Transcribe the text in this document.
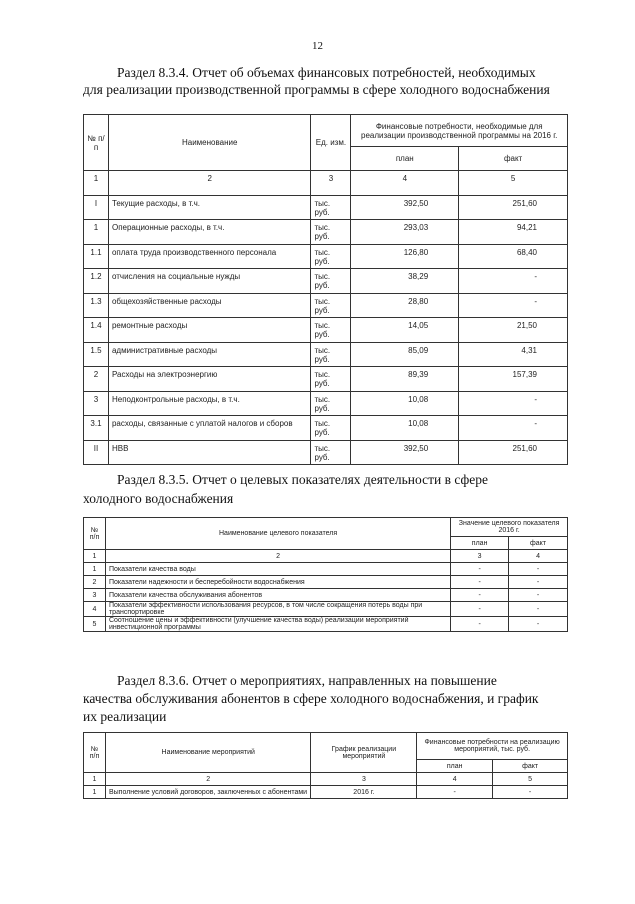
12
Раздел 8.3.4. Отчет об объемах финансовых потребностей, необходимых
для реализации производственной программы в сфере холодного водоснабжения
№ п/п	Наименование	Ед. изм.	Финансовые потребности, необходимые для реализации производственной программы на 2016 г.	
			план	факт
1	2	3	4	5
I	Текущие расходы, в т.ч.	тыс. руб.	392,50	251,60
1	Операционные расходы, в т.ч.	тыс. руб.	293,03	94,21
1.1	оплата труда производственного персонала	тыс. руб.	126,80	68,40
1.2	отчисления на социальные нужды	тыс. руб.	38,29	-
1.3	общехозяйственные расходы	тыс. руб.	28,80	-
1.4	ремонтные расходы	тыс. руб.	14,05	21,50
1.5	административные расходы	тыс. руб.	85,09	4,31
2	Расходы на электроэнергию	тыс. руб.	89,39	157,39
3	Неподконтрольные расходы, в т.ч.	тыс. руб.	10,08	-
3.1	расходы, связанные с уплатой налогов и сборов	тыс. руб.	10,08	-
II	НВВ	тыс. руб.	392,50	251,60
Раздел 8.3.5. Отчет о целевых показателях деятельности в сфере
холодного водоснабжения
№ п/п	Наименование целевого показателя	Значение целевого показателя 2016 г.	
		план	факт
1	2	3	4
1	Показатели качества воды	-	-
2	Показатели надежности и бесперебойности водоснабжения	-	-
3	Показатели качества обслуживания абонентов	-	-
4	Показатели эффективности использования ресурсов, в том числе сокращения потерь воды при транспортировке	-	-
5	Соотношение цены и эффективности (улучшение качества воды) реализации мероприятий инвестиционной программы	-	-
Раздел 8.3.6. Отчет о мероприятиях, направленных на повышение
качества обслуживания абонентов в сфере холодного водоснабжения, и график
их реализации
№ п/п	Наименование мероприятий	График реализации мероприятий	Финансовые потребности на реализацию мероприятий, тыс. руб.	
			план	факт
1	2	3	4	5
1	Выполнение условий договоров, заключенных с абонентами	2016 г.	-	-
